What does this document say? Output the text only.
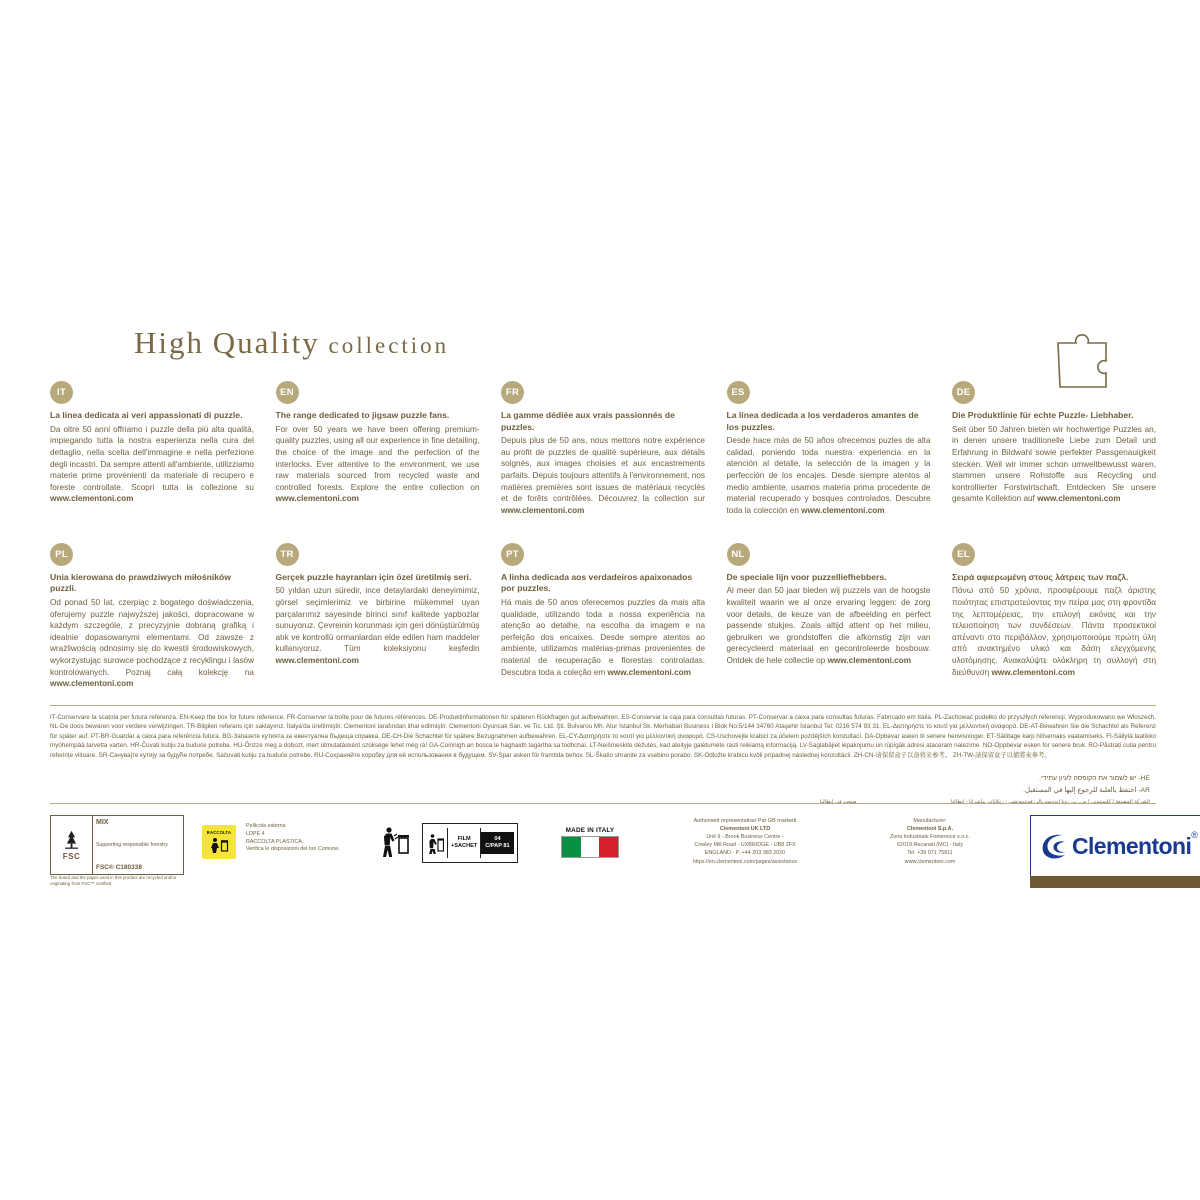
High Quality collection
IT
La linea dedicata ai veri appassionati di puzzle.
Da oltre 50 anni offriamo i puzzle della più alta qualità, impiegando tutta la nostra esperienza nella cura del dettaglio, nella scelta dell'immagine e nella perfezione degli incastri. Da sempre attenti all'ambiente, utilizziamo materie prime provenienti da materiale di recupero e foreste controllate. Scopri tutta la collezione su www.clementoni.com
EN
The range dedicated to jigsaw puzzle fans.
For over 50 years we have been offering premium-quality puzzles, using all our experience in fine detailing, the choice of the image and the perfection of the interlocks. Ever attentive to the environment, we use raw materials sourced from recycled waste and controlled forests. Explore the entire collection on www.clementoni.com
FR
La gamme dédiée aux vrais passionnés de puzzles.
Depuis plus de 50 ans, nous mettons notre expérience au profit de puzzles de qualité supérieure, aux détails soignés, aux images choisies et aux encastrements parfaits. Depuis toujours attentifs à l'environnement, nos matières premières sont issues de matériaux recyclés et de forêts contrôlées. Découvrez la collection sur www.clementoni.com
ES
La línea dedicada a los verdaderos amantes de los puzzles.
Desde hace más de 50 años ofrecemos puzles de alta calidad, poniendo toda nuestra experiencia en la atención al detalle, la selección de la imagen y la perfección de los encajes. Desde siempre atentos al medio ambiente, usamos materia prima procedente de material recuperado y bosques controlados. Descubre toda la colección en www.clementoni.com
DE
Die Produktlinie für echte Puzzle- Liebhaber.
Seit über 50 Jahren bieten wir hochwertige Puzzles an, in denen unsere traditionelle Liebe zum Detail und Erfahrung in Bildwahl sowie perfekter Passgenauigkeit stecken. Weil wir immer schon umweltbewusst waren, stammen unsere Rohstoffe aus Recycling und kontrollierter Forstwirtschaft. Entdecken Sie unsere gesamte Kollektion auf www.clementoni.com
PL
Unia kierowana do prawdziwych miłośników puzzli.
Od ponad 50 lat, czerpiąc z bogatego doświadczenia, oferujemy puzzle najwyższej jakości, dopracowane w każdym szczególe, z precyzyjnie dobraną grafiką i idealnie dopasowanymi elementami. Od zawsze z wrażliwością odnosimy się do kwestii środowiskowych, wykorzystując surowce pochodzące z recyklingu i lasów kontrolowanych. Poznaj całą kolekcję na www.clementoni.com
TR
Gerçek puzzle hayranları için özel üretilmiş seri.
50 yıldan uzun süredir, ince detaylardaki deneyimimiz, görsel seçimlerimiz ve birbirine mükemmel uyan parçalarımız sayesinde birinci sınıf kalitede yapbozlar sunuyoruz. Çevreinin korunması için geri dönüştürülmüş atık ve kontrollü ormanlardan elde edilen ham maddeler kullanıyoruz. Tüm koleksiyonu keşfedin www.clementoni.com
PT
A linha dedicada aos verdadeiros apaixonados por puzzles.
Há mais de 50 anos oferecemos puzzles da mais alta qualidade, utilizando toda a nossa experiência na atenção ao detalhe, na escolha da imagem e na perfeição dos encaixes. Desde sempre atentos ao ambiente, utilizamos matérias-primas provenientes de material de recuperação e florestas controladas. Descubra toda a coleção em www.clementoni.com
NL
De speciale lijn voor puzzelliefhebbers.
Al meer dan 50 jaar bieden wij puzzels van de hoogste kwaliteit waarin we al onze ervaring leggen: de zorg voor details, de keuze van de afbeelding en perfect passende stukjes. Zoals altijd attent op het milieu, gebruiken we grondstoffen die afkomstig zijn van gerecycleerd materiaal en gecontroleerde bosbouw. Ontdek de hele collectie op www.clementoni.com
EL
Σειρά αφιερωμένη στους λάτρεις των παζλ.
Πάνω από 50 χρόνια, προσφέρουμε παζλ άριστης ποιότητας επιστρατεύοντας την πείρα μας στη φροντίδα της λεπτομέρειας, την επιλογή εικόνας και την τελειοποίηση των συνδέσεων. Πάντα προσεκτικοί απέναντι στο περιβάλλον, χρησιμοποιούμε πρώτη ύλη από ανακτημένο υλικό και δάση ελεγχόμενης υλοτόμησης. Ανακαλύψτε ολόκληρη τη συλλογή στη διεύθυνση www.clementoni.com
IT-Conservare la scatola per futura referenza. EN-Keep the box for future reference. FR-Conserver la boîte pour de futures références. DE-Produktinformationen für späteren Rückfragen gut aufbewahren. ES-Conservar la caja para consultas futuras. PT-Conservar a caixa para consultas futuras. Fabricado em Itália. PL-Zachować pudełko do przyszłych referencji. Wyprodukowano we Włoszech. NL-De doos bewaren voor verdere verwijzingen. TR-Bilgileri referans için saklayınız. İtalya'da üretilmiştir. Clementoni tarafından ithal edilmiştir. Clementoni Oyuncak San. ve Tic. Ltd. Şti. Bulvarou Mh. Atur İstanbul Sk. Merhaban Business I Blok No:5/144 34760 Ataşehir İstanbul Tel: 0216 574 93 31. EL-Διατηρήστε το κουτί για μελλοντική αναφορά. DE-AT-Bewahren Sie die Schachtel als Referenz für später auf. PT-BR-Guardar a caixa para referência futura. BG-Запазете кутията за евентуална бъдеща справка. DE-CH-Die Schachtel für spätere Bezugnahmen aufbewahren. EL-CY-Διατηρήστε το κουτί για μελλοντική αναφορά. CS-Uschovejte krabici za účelem pozdějších konzultací. DA-Opbevar asken til senere henvisninger. ET-Säilitage karp hilisemaks vaatamiseks. FI-Säilytä laatikko myöhempää tarvetta varten. HR-Čuvati kutiju za buduće potrebe. HU-Őrizze meg a dobozt, mert útmutatásként szüksége lehet még rá! GA-Coinnigh an bosca le haghaidh tagartha sa todhchaí. LT-Neišmeskite dėžutės, kad ateityje galėtumėte rasti reikiamą informaciją. LV-Saglabājiet iepakojumu un rūpīgāk adresi ataceram nalezime. NO-Oppbevar esken for senere bruk. RO-Păstrați cutia pentru referințe viitoare. SR-Сачувајте кутију за будуће потребе. Sačuvati kutiju za buduće potrebe. RU-Сохраняйте коробку для её использования в будущем. SV-Spar asken för framtida behov. SL-Škatlo shranite za vsebino porabo. SK-Odložte krabicu kvôli prípadnej následnej konzultácii. ZH-CN-请保留盒子以备将来参考。 ZH-TW-請保留盒子以備將來參考。
HE- יש לשמור את הקופסה לעיון עתידי.
AR- احتفظ بالعلبة للرجوع إليها في المستقبل.
FSC
MIX
Supporting responsible forestry
FSC® C180338
The board and the paper used in this product are recycled and/or originating from FSC™ certified
RACCOLTA
Pellicola esterna
LDPE 4
RACCOLTA PLASTICA.
Verifica le disposizioni del tuo Comune.
FILM
+SACHET
04
C/PAP 81
MADE IN ITALY
Authorised representative/ Par GB marketti
Clementoni UK LTD
Unit 9 - Brook Business Centre -
Cowley Mill Road - UXBRIDGE - UB8 2FX
ENGLAND - P. +44 203 383 2020
https://en.clementoni.com/pages/assistance
Manufacturer:
Clementoni S.p.A.
Zona Industriale Fontenoce s.n.c.
62019 Recanati (MC) - Italy
Tel. +39 071 75811
www.clementoni.com
Clementoni ®
